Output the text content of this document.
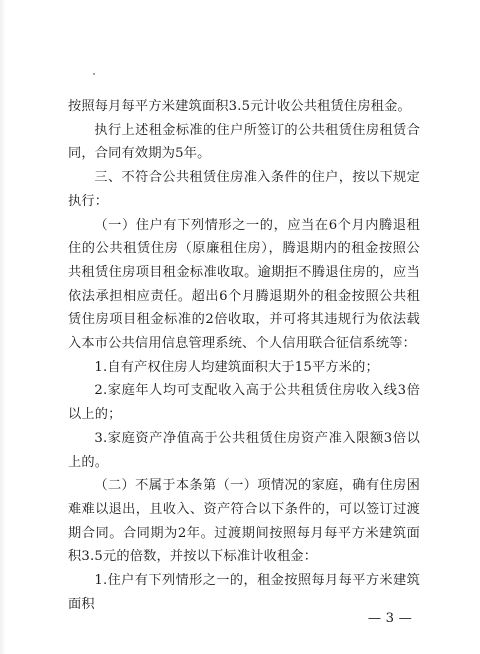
按照每月每平方米建筑面积3.5元计收公共租赁住房租金。

执行上述租金标准的住户所签订的公共租赁住房租赁合同，合同有效期为5年。

三、不符合公共租赁住房准入条件的住户，按以下规定执行：

（一）住户有下列情形之一的，应当在6个月内腾退租住的公共租赁住房（原廉租住房），腾退期内的租金按照公共租赁住房项目租金标准收取。逾期拒不腾退住房的，应当依法承担相应责任。超出6个月腾退期外的租金按照公共租赁住房项目租金标准的2倍收取，并可将其违规行为依法载入本市公共信用信息管理系统、个人信用联合征信系统等：

1.自有产权住房人均建筑面积大于15平方米的；

2.家庭年人均可支配收入高于公共租赁住房收入线3倍以上的；

3.家庭资产净值高于公共租赁住房资产准入限额3倍以上的。

（二）不属于本条第（一）项情况的家庭，确有住房困难难以退出，且收入、资产符合以下条件的，可以签订过渡期合同。合同期为2年。过渡期间按照每月每平方米建筑面积3.5元的倍数，并按以下标准计收租金：

1.住户有下列情形之一的，租金按照每月每平方米建筑面积

— 3 —
